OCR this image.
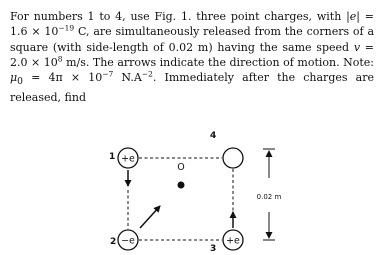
For numbers 1 to 4, use Fig. 1. three point charges, with $|e| = 1.6 \times 10^{-19}$ C, are simultaneously released from the corners of a square (with side-length of 0.02 m) having the same speed $v = 2.0 \times 10^8$ m/s. The arrows indicate the direction of motion. Note: $\mu_0 = 4\pi \times 10^{-7}$ $N.A^{-2}$. Immediately after the charges are released, find
1 +e
4
O
2 −e
3
+e
0.02 m
